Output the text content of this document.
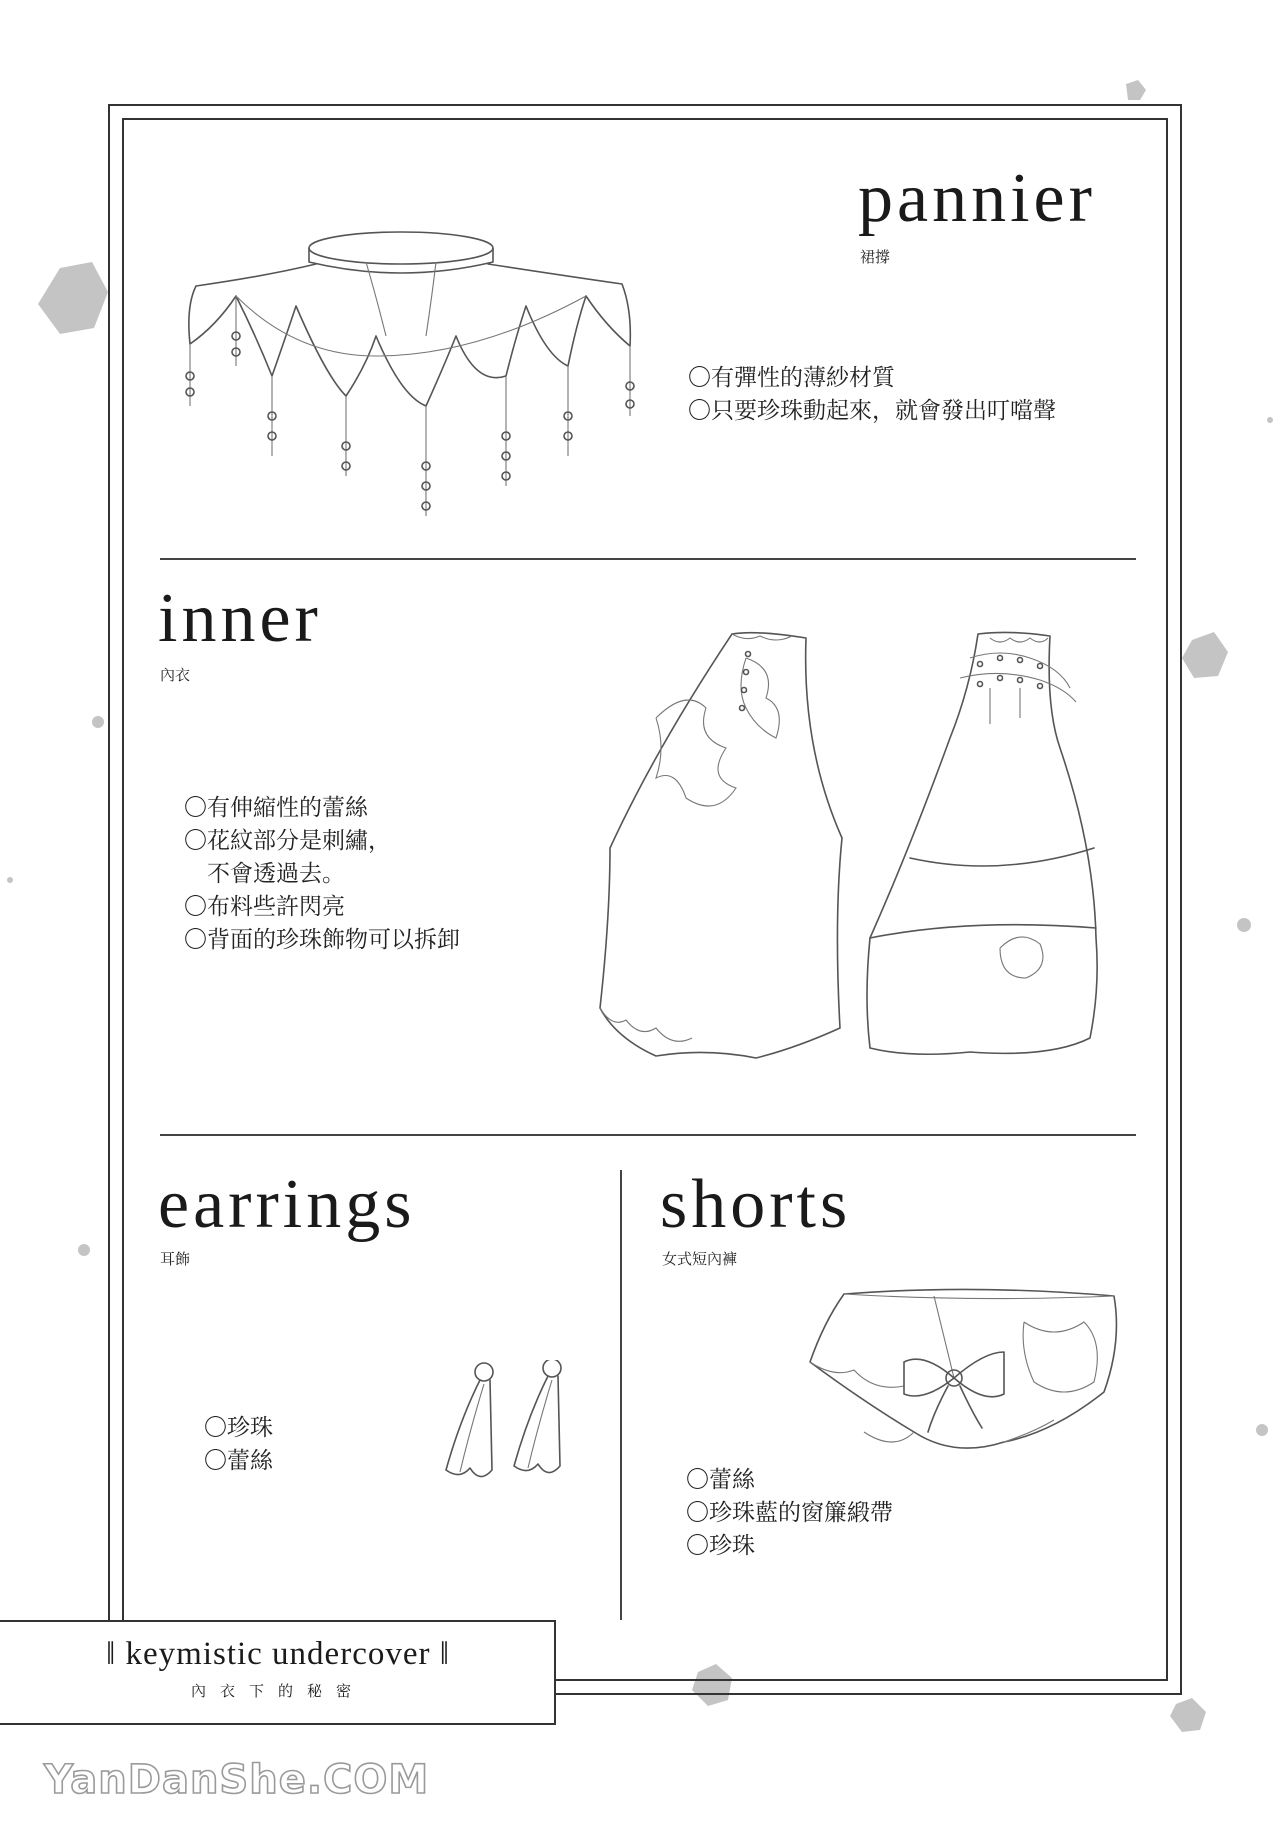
pannier
裙撐
〇有彈性的薄紗材質
〇只要珍珠動起來，就會發出叮噹聲
inner
內衣
〇有伸縮性的蕾絲
〇花紋部分是刺繡，
　不會透過去。
〇布料些許閃亮
〇背面的珍珠飾物可以拆卸
earrings
耳飾
〇珍珠
〇蕾絲
shorts
女式短內褲
〇蕾絲
〇珍珠藍的窗簾緞帶
〇珍珠
‖ keymistic undercover ‖
內衣下的秘密
YanDanShe.COM
